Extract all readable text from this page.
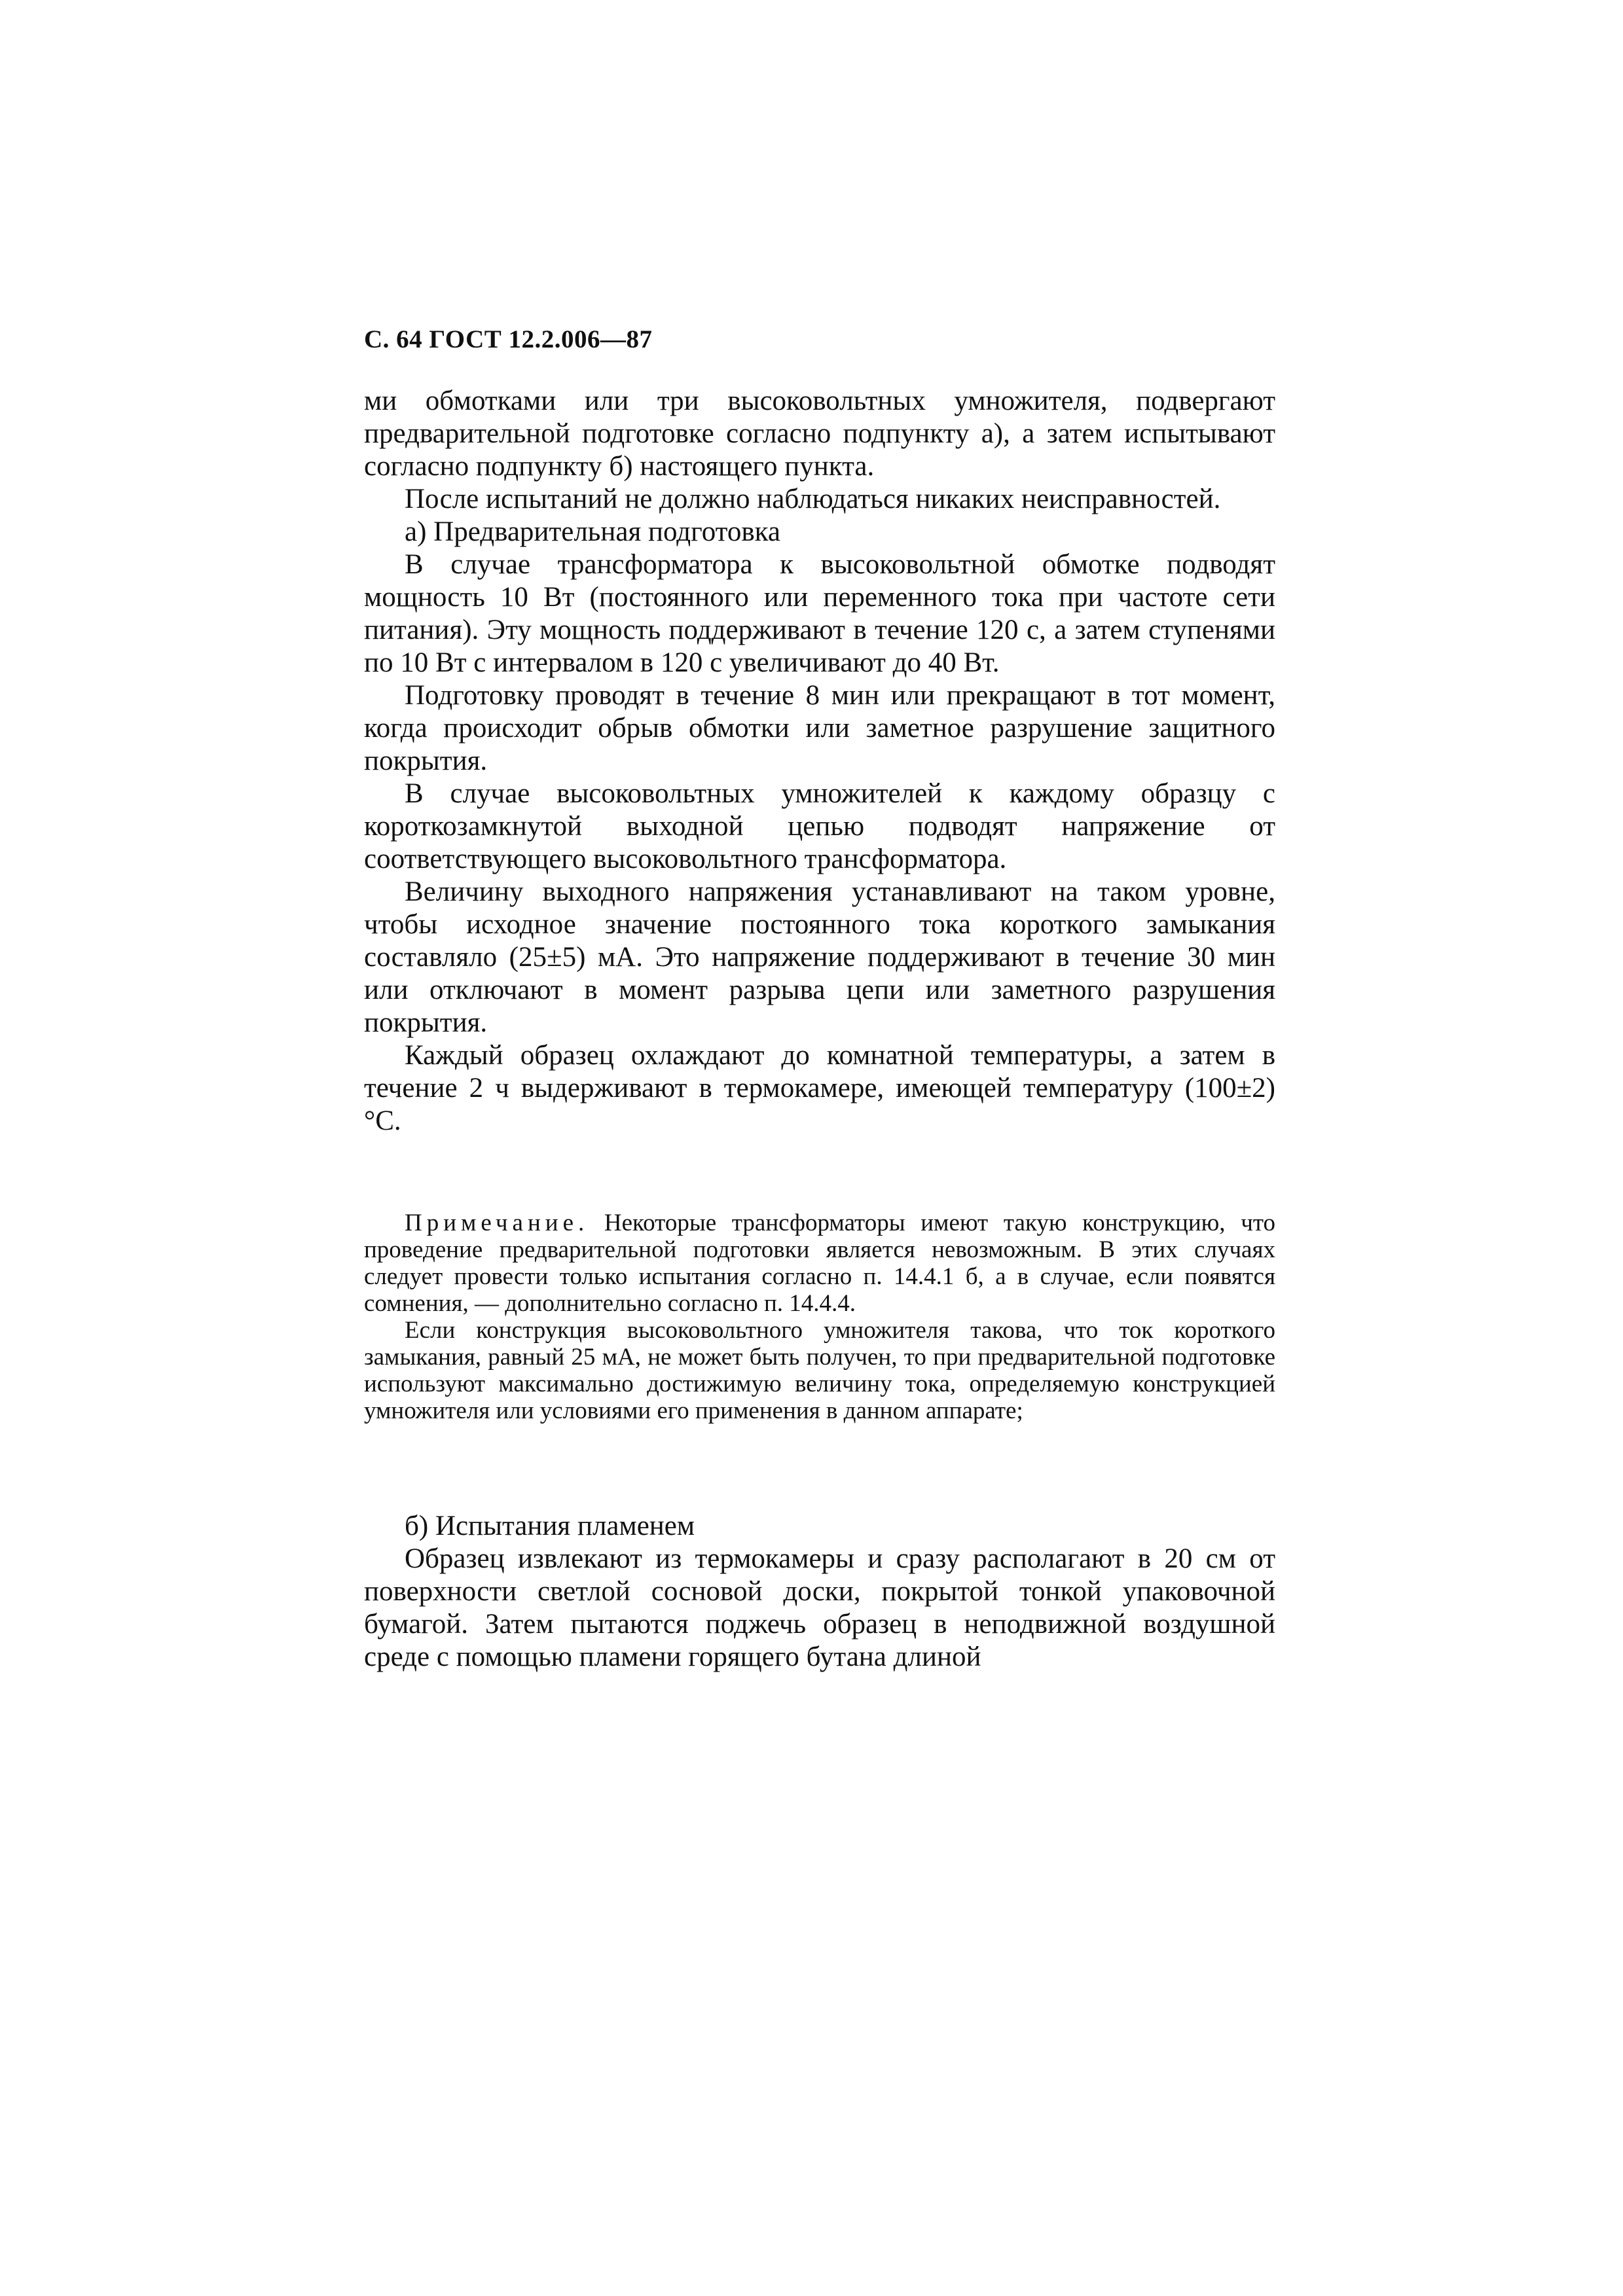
С. 64 ГОСТ 12.2.006—87

ми обмотками или три высоковольтных умножителя, подвергают предварительной подготовке согласно подпункту а), а затем испытывают согласно подпункту б) настоящего пункта.

После испытаний не должно наблюдаться никаких неисправностей.

а) Предварительная подготовка

В случае трансформатора к высоковольтной обмотке подводят мощность 10 Вт (постоянного или переменного тока при частоте сети питания). Эту мощность поддерживают в течение 120 с, а затем ступенями по 10 Вт с интервалом в 120 с увеличивают до 40 Вт.

Подготовку проводят в течение 8 мин или прекращают в тот момент, когда происходит обрыв обмотки или заметное разрушение защитного покрытия.

В случае высоковольтных умножителей к каждому образцу с короткозамкнутой выходной цепью подводят напряжение от соответствующего высоковольтного трансформатора.

Величину выходного напряжения устанавливают на таком уровне, чтобы исходное значение постоянного тока короткого замыкания составляло (25±5) мА. Это напряжение поддерживают в течение 30 мин или отключают в момент разрыва цепи или заметного разрушения покрытия.

Каждый образец охлаждают до комнатной температуры, а затем в течение 2 ч выдерживают в термокамере, имеющей температуру (100±2) °С.

Примечание. Некоторые трансформаторы имеют такую конструкцию, что проведение предварительной подготовки является невозможным. В этих случаях следует провести только испытания согласно п. 14.4.1 б, а в случае, если появятся сомнения, — дополнительно согласно п. 14.4.4.

Если конструкция высоковольтного умножителя такова, что ток короткого замыкания, равный 25 мА, не может быть получен, то при предварительной подготовке используют максимально достижимую величину тока, определяемую конструкцией умножителя или условиями его применения в данном аппарате;

б) Испытания пламенем

Образец извлекают из термокамеры и сразу располагают в 20 см от поверхности светлой сосновой доски, покрытой тонкой упаковочной бумагой. Затем пытаются поджечь образец в неподвижной воздушной среде с помощью пламени горящего бутана длиной
